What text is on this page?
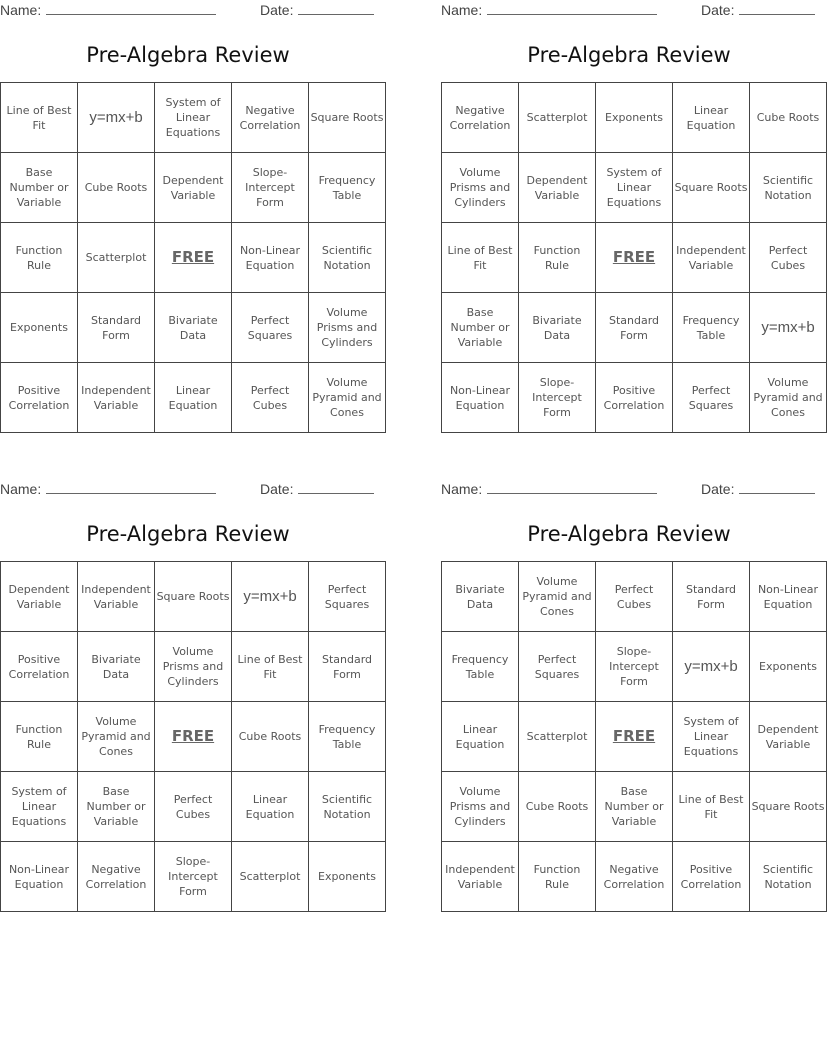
Name:	Date:
Pre-Algebra Review
Line of Best Fit	y=mx+b	System of Linear Equations	Negative Correlation	Square Roots
Base Number or Variable	Cube Roots	Dependent Variable	Slope-Intercept Form	Frequency Table
Function Rule	Scatterplot	FREE	Non-Linear Equation	Scientific Notation
Exponents	Standard Form	Bivariate Data	Perfect Squares	Volume Prisms and Cylinders
Positive Correlation	Independent Variable	Linear Equation	Perfect Cubes	Volume Pyramid and Cones
Name:	Date:
Pre-Algebra Review
Negative Correlation	Scatterplot	Exponents	Linear Equation	Cube Roots
Volume Prisms and Cylinders	Dependent Variable	System of Linear Equations	Square Roots	Scientific Notation
Line of Best Fit	Function Rule	FREE	Independent Variable	Perfect Cubes
Base Number or Variable	Bivariate Data	Standard Form	Frequency Table	y=mx+b
Non-Linear Equation	Slope-Intercept Form	Positive Correlation	Perfect Squares	Volume Pyramid and Cones
Name:	Date:
Pre-Algebra Review
Dependent Variable	Independent Variable	Square Roots	y=mx+b	Perfect Squares
Positive Correlation	Bivariate Data	Volume Prisms and Cylinders	Line of Best Fit	Standard Form
Function Rule	Volume Pyramid and Cones	FREE	Cube Roots	Frequency Table
System of Linear Equations	Base Number or Variable	Perfect Cubes	Linear Equation	Scientific Notation
Non-Linear Equation	Negative Correlation	Slope-Intercept Form	Scatterplot	Exponents
Name:	Date:
Pre-Algebra Review
Bivariate Data	Volume Pyramid and Cones	Perfect Cubes	Standard Form	Non-Linear Equation
Frequency Table	Perfect Squares	Slope-Intercept Form	y=mx+b	Exponents
Linear Equation	Scatterplot	FREE	System of Linear Equations	Dependent Variable
Volume Prisms and Cylinders	Cube Roots	Base Number or Variable	Line of Best Fit	Square Roots
Independent Variable	Function Rule	Negative Correlation	Positive Correlation	Scientific Notation
